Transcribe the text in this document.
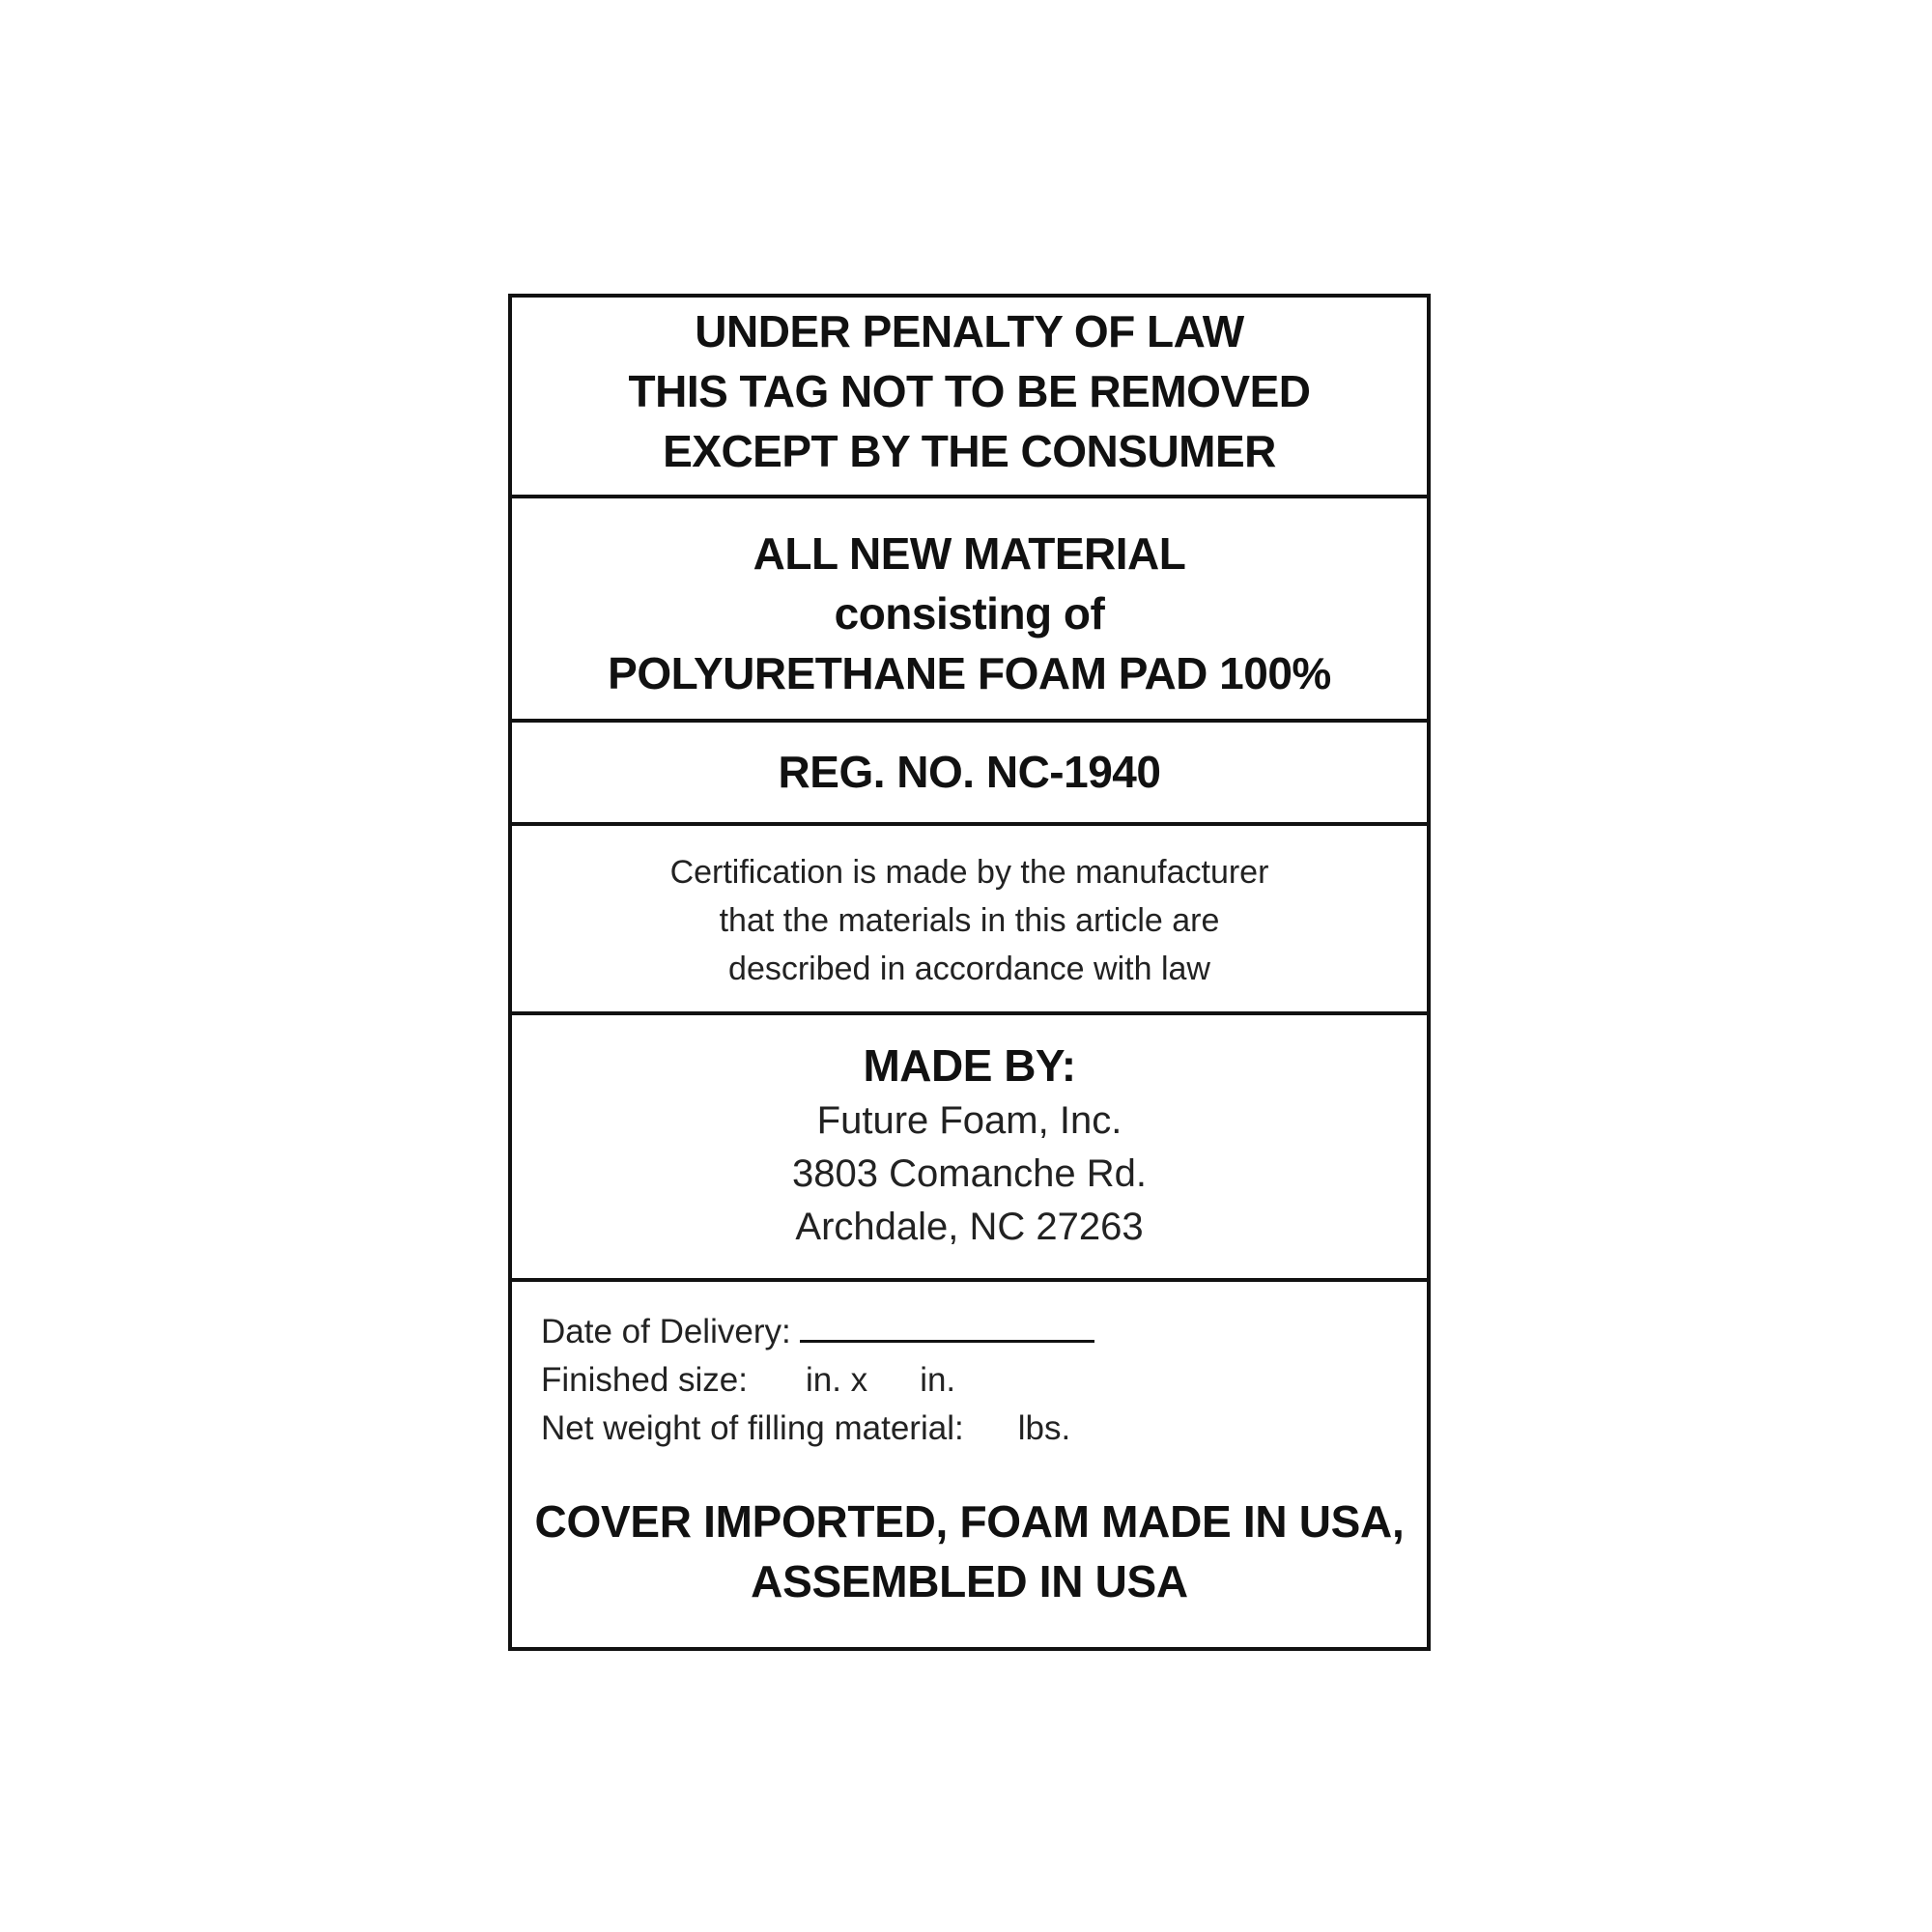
UNDER PENALTY OF LAW
THIS TAG NOT TO BE REMOVED
EXCEPT BY THE CONSUMER
ALL NEW MATERIAL
consisting of
POLYURETHANE FOAM PAD 100%
REG. NO. NC-1940
Certification is made by the manufacturer
that the materials in this article are
described in accordance with law
MADE BY:
Future Foam, Inc.
3803 Comanche Rd.
Archdale, NC 27263
Date of Delivery:
Finished size: in. x in.
Net weight of filling material: lbs.
COVER IMPORTED, FOAM MADE IN USA,
ASSEMBLED IN USA
